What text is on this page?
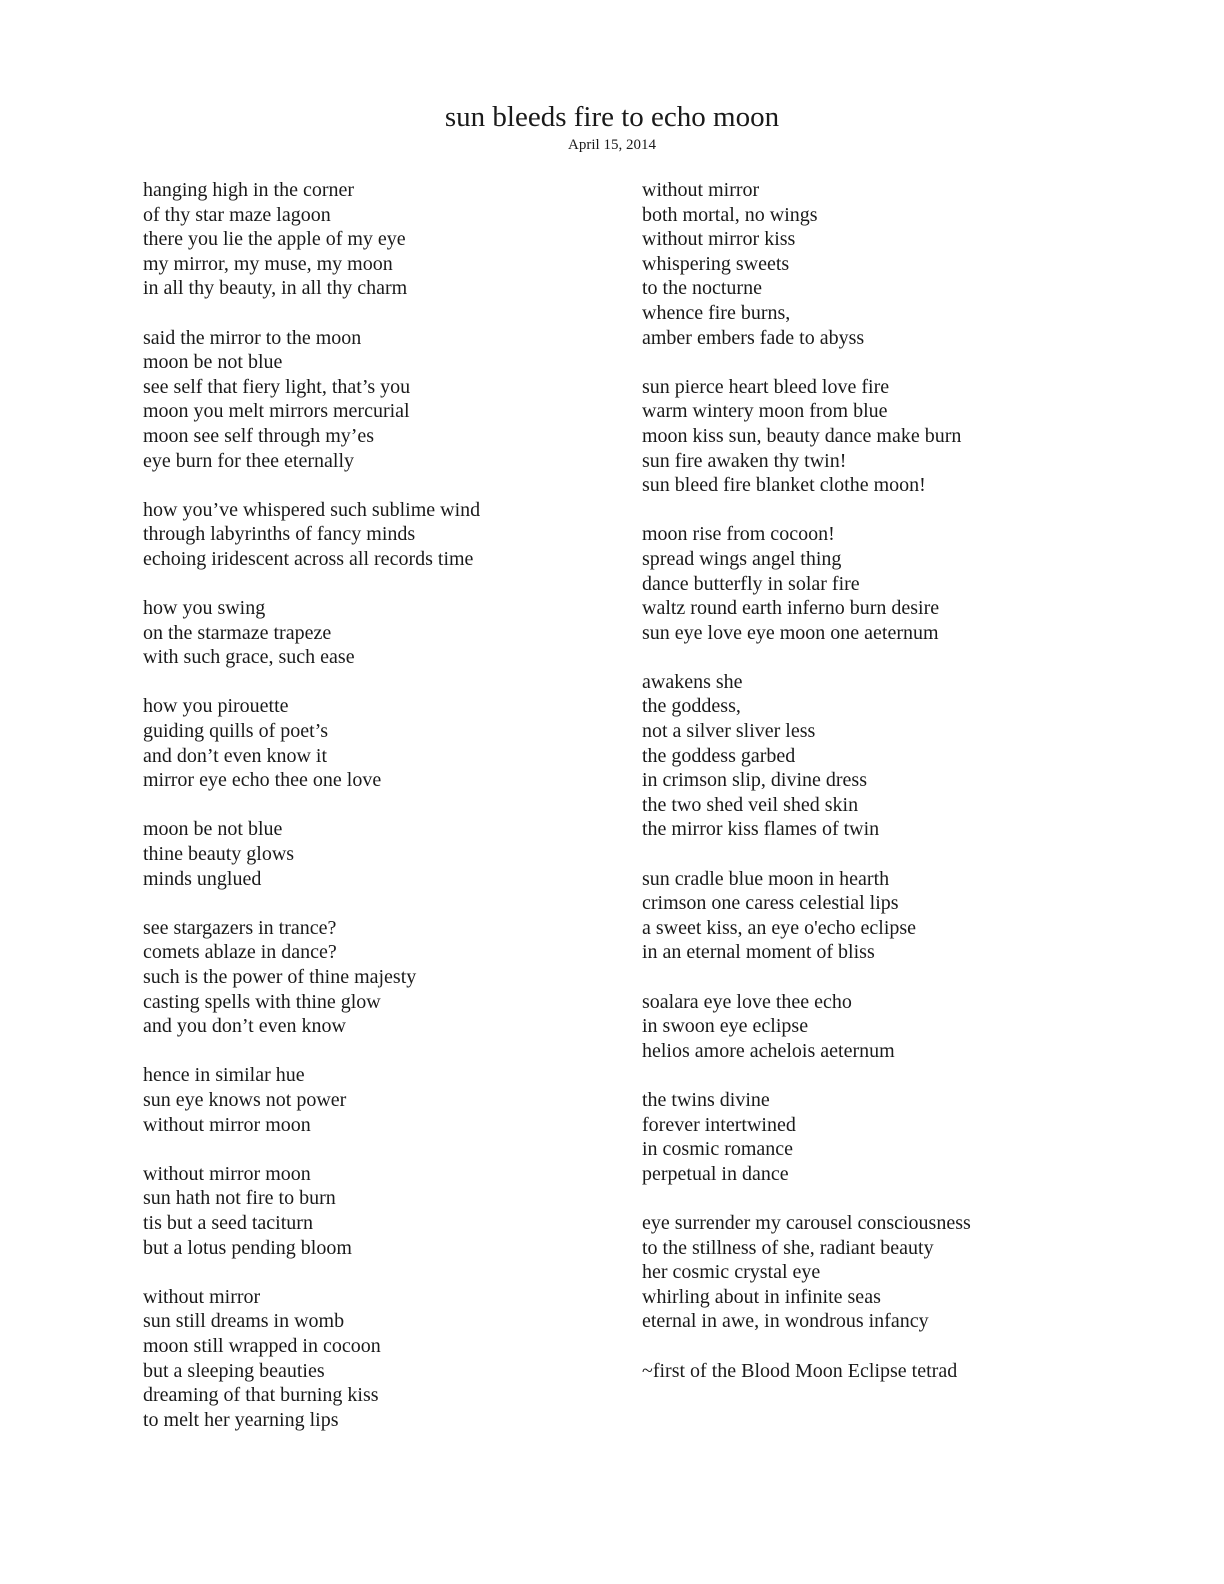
sun bleeds fire to echo moon
April 15, 2014
hanging high in the corner
of thy star maze lagoon
there you lie the apple of my eye
my mirror, my muse, my moon
in all thy beauty, in all thy charm
said the mirror to the moon
moon be not blue
see self that fiery light, that’s you
moon you melt mirrors mercurial
moon see self through my’es
eye burn for thee eternally
how you’ve whispered such sublime wind
through labyrinths of fancy minds
echoing iridescent across all records time
how you swing
on the starmaze trapeze
with such grace, such ease
how you pirouette
guiding quills of poet’s
and don’t even know it
mirror eye echo thee one love
moon be not blue
thine beauty glows
minds unglued
see stargazers in trance?
comets ablaze in dance?
such is the power of thine majesty
casting spells with thine glow
and you don’t even know
hence in similar hue
sun eye knows not power
without mirror moon
without mirror moon
sun hath not fire to burn
tis but a seed taciturn
but a lotus pending bloom
without mirror
sun still dreams in womb
moon still wrapped in cocoon
but a sleeping beauties
dreaming of that burning kiss
to melt her yearning lips
without mirror
both mortal, no wings
without mirror kiss
whispering sweets
to the nocturne
whence fire burns,
amber embers fade to abyss
sun pierce heart bleed love fire
warm wintery moon from blue
moon kiss sun, beauty dance make burn
sun fire awaken thy twin!
sun bleed fire blanket clothe moon!
moon rise from cocoon!
spread wings angel thing
dance butterfly in solar fire
waltz round earth inferno burn desire
sun eye love eye moon one aeternum
awakens she
the goddess,
not a silver sliver less
the goddess garbed
in crimson slip, divine dress
the two shed veil shed skin
the mirror kiss flames of twin
sun cradle blue moon in hearth
crimson one caress celestial lips
a sweet kiss, an eye o'echo eclipse
in an eternal moment of bliss
soalara eye love thee echo
in swoon eye eclipse
helios amore achelois aeternum
the twins divine
forever intertwined
in cosmic romance
perpetual in dance
eye surrender my carousel consciousness
to the stillness of she, radiant beauty
her cosmic crystal eye
whirling about in infinite seas
eternal in awe, in wondrous infancy
~first of the Blood Moon Eclipse tetrad
